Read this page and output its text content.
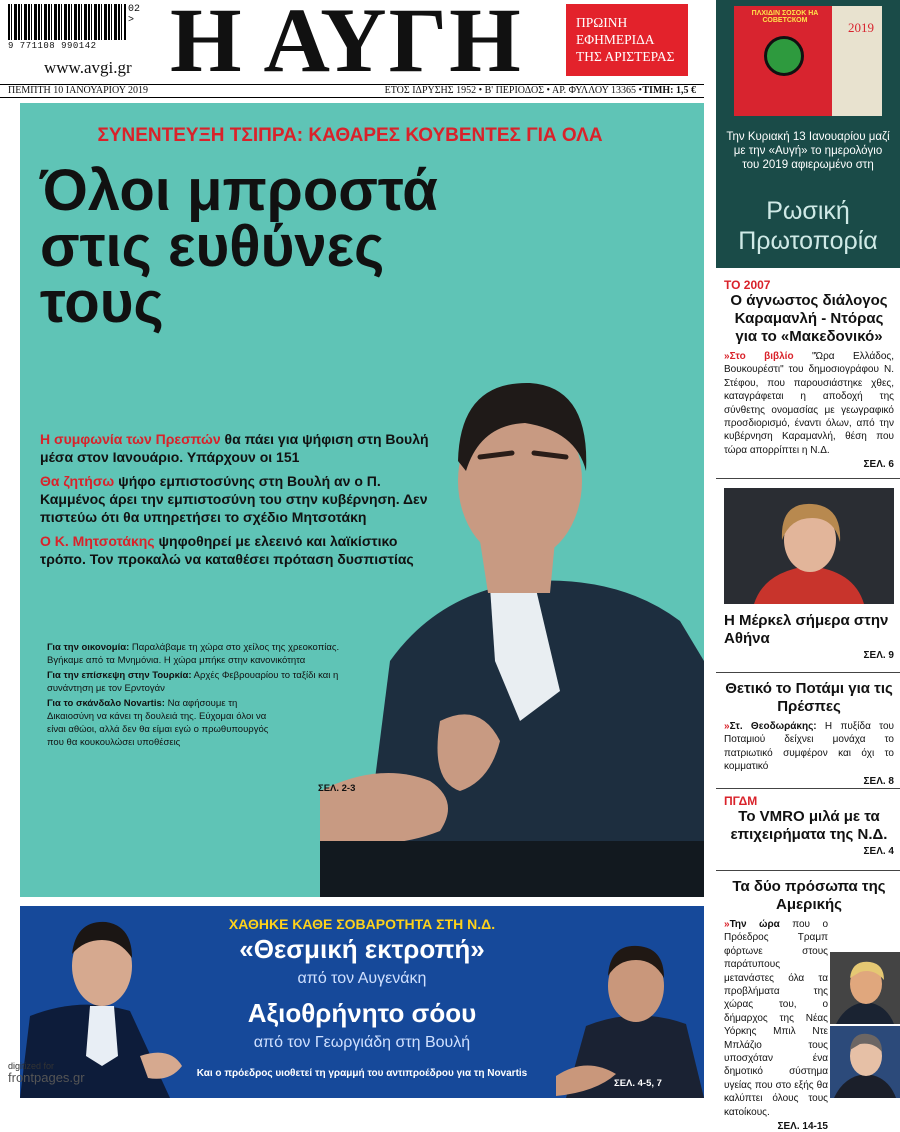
02 >
9 771108 990142
www.avgi.gr Η ΑΥΓΗ	ΠΡΩΙΝΗ
ΕΦΗΜΕΡΙΔΑ
ΤΗΣ ΑΡΙΣΤΕΡΑΣ
ΠΕΜΠΤΗ 10 ΙΑΝΟΥΑΡΙΟΥ 2019	ΕΤΟΣ ΙΔΡΥΣΗΣ 1952 • Β' ΠΕΡΙΟΔΟΣ • ΑΡ. ΦΥΛΛΟΥ 13365 • ΤΙΜΗ: 1,5 €
ΣΥΝΕΝΤΕΥΞΗ ΤΣΙΠΡΑ: ΚΑΘΑΡΕΣ ΚΟΥΒΕΝΤΕΣ ΓΙΑ ΟΛΑ
Όλοι μπροστά
στις ευθύνες
τους

Η συμφωνία των Πρεσπών θα πάει για ψήφιση στη Βουλή μέσα στον Ιανουάριο. Υπάρχουν οι 151

Θα ζητήσω ψήφο εμπιστοσύνης στη Βουλή αν ο Π. Καμμένος άρει την εμπιστοσύνη του στην κυβέρνηση. Δεν πιστεύω ότι θα υπηρετήσει το σχέδιο Μητσοτάκη

Ο Κ. Μητσοτάκης ψηφοθηρεί με ελεεινό και λαϊκίστικο τρόπο. Τον προκαλώ να καταθέσει πρόταση δυσπιστίας

Για την οικονομία: Παραλάβαμε τη χώρα στο χείλος της χρεοκοπίας. Βγήκαμε από τα Μνημόνια. Η χώρα μπήκε στην κανονικότητα

Για την επίσκεψη στην Τουρκία: Αρχές Φεβρουαρίου το ταξίδι και η συνάντηση με τον Ερντογάν

Για το σκάνδαλο Novartis: Να αφήσουμε τη Δικαιοσύνη να κάνει τη δουλειά της. Εύχομαι όλοι να είναι αθώοι, αλλά δεν θα είμαι εγώ ο πρωθυπουργός που θα κουκουλώσει υποθέσεις

ΣΕΛ. 2-3
ΧΑΘΗΚΕ ΚΑΘΕ ΣΟΒΑΡΟΤΗΤΑ ΣΤΗ Ν.Δ.
«Θεσμική εκτροπή»
από τον Αυγενάκη
Αξιοθρήνητο σόου
από τον Γεωργιάδη στη Βουλή
Και ο πρόεδρος υιοθετεί τη γραμμή του αντιπροέδρου για τη Novartis
ΣΕΛ. 4-5, 7
digitized for
frontpages.gr
ΠΛΧΙΔΙΝ ΣΟΣΟΚ НА СОВЕТСКОМ	2019
Την Κυριακή 13 Ιανουαρίου μαζί με την «Αυγή» το ημερολόγιο του 2019 αφιερωμένο στη
Ρωσική
Πρωτοπορία
ΤΟ 2007
Ο άγνωστος διάλογος Καραμανλή - Ντόρας για το «Μακεδονικό»

»Στο βιβλίο "Ώρα Ελλάδος, Βουκουρέστι" του δημοσιογράφου Ν. Στέφου, που παρουσιάστηκε χθες, καταγράφεται η αποδοχή της σύνθετης ονομασίας με γεωγραφικό προσδιορισμό, έναντι όλων, από την κυβέρνηση Καραμανλή, θέση που τώρα απορρίπτει η Ν.Δ.

ΣΕΛ. 6
Η Μέρκελ σήμερα στην Αθήνα
ΣΕΛ. 9
Θετικό το Ποτάμι για τις Πρέσπες

»Στ. Θεοδωράκης: Η πυξίδα του Ποταμιού δείχνει μονάχα το πατριωτικό συμφέρον και όχι το κομματικό

ΣΕΛ. 8
ΠΓΔΜ
Το VMRO μιλά με τα επιχειρήματα της Ν.Δ.
ΣΕΛ. 4
Τα δύο πρόσωπα της Αμερικής

»Την ώρα που ο Πρόεδρος Τραμπ φόρτωνε στους παράτυπους μετανάστες όλα τα προβλήματα της χώρας του, ο δήμαρχος της Νέας Υόρκης Μπιλ Ντε Μπλάζιο τους υποσχόταν ένα δημοτικό σύστημα υγείας που στο εξής θα καλύπτει όλους τους κατοίκους.

ΣΕΛ. 14-15
